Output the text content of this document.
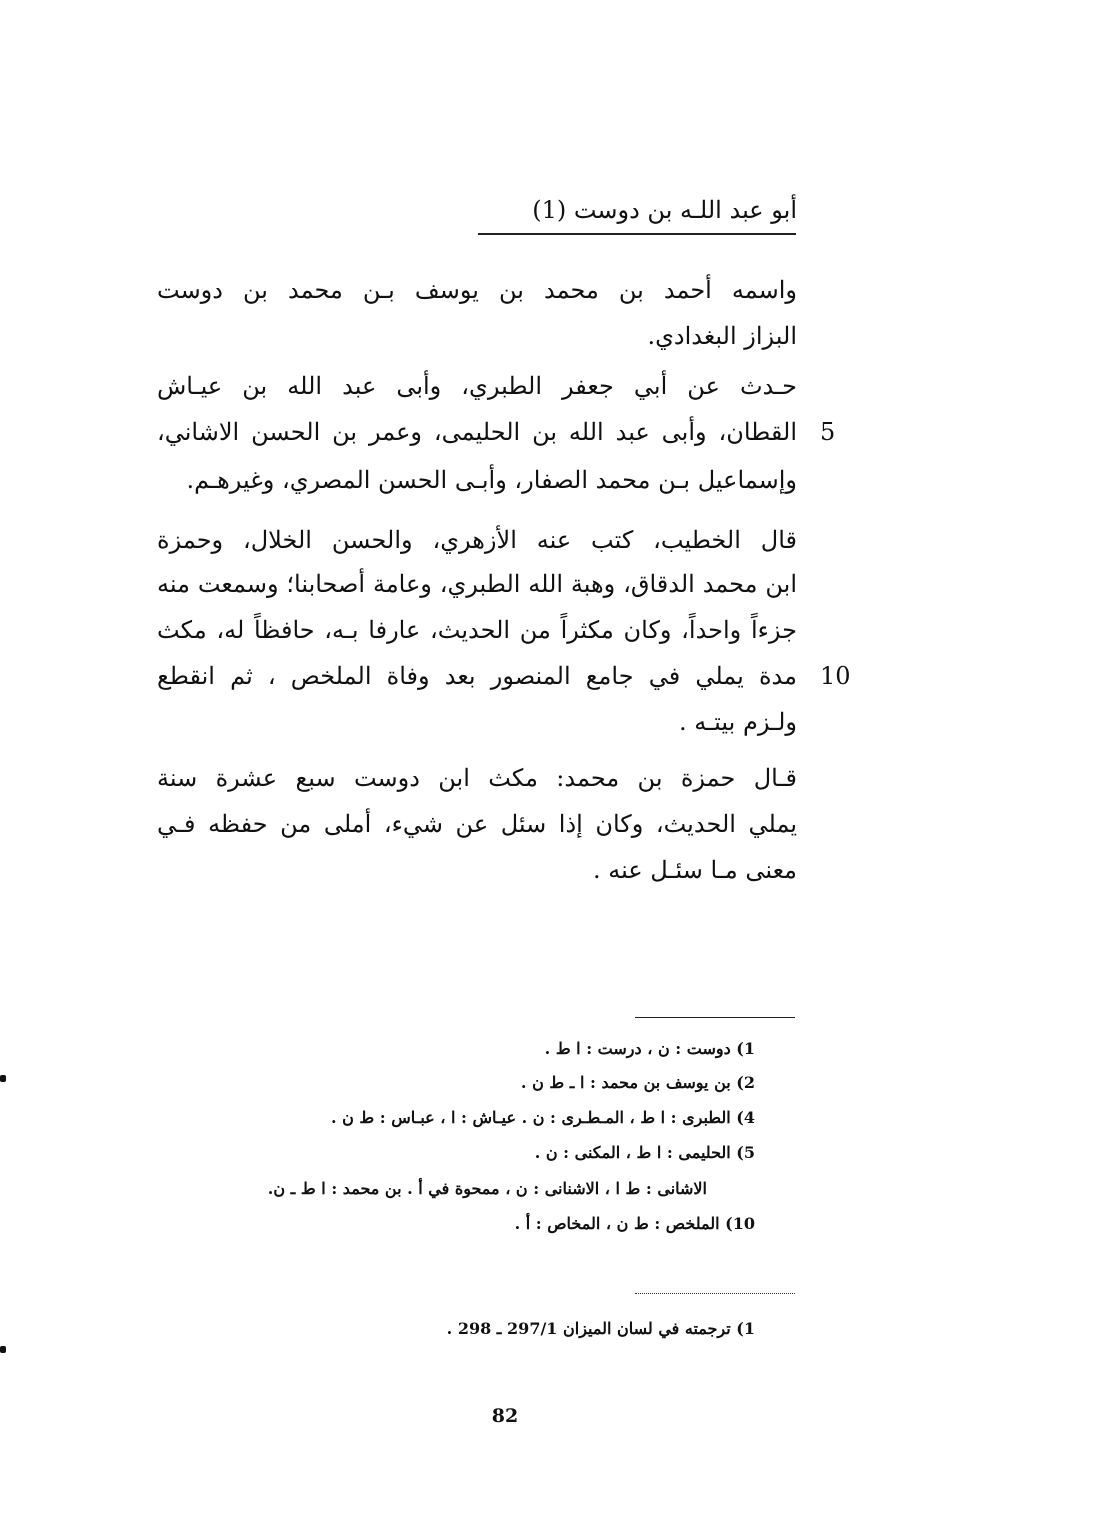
أبو عبد اللـه بن دوست (1)
واسمه أحمد بن محمد بن يوسف بـن محمد بن دوست
البزاز البغدادي.
حـدث عن أبي جعفر الطبري، وأبى عبد الله بن عيـاش
القطان، وأبى عبد الله بن الحليمى، وعمر بن الحسن الاشاني، 5
وإسماعيل بـن محمد الصفار، وأبـى الحسن المصري، وغيرهـم.
قال الخطيب، كتب عنه الأزهري، والحسن الخلال، وحمزة
ابن محمد الدقاق، وهبة الله الطبري، وعامة أصحابنا؛ وسمعت منه
جزءاً واحداً، وكان مكثراً من الحديث، عارفا بـه، حافظاً له، مكث
مدة يملي في جامع المنصور بعد وفاة الملخص ، ثم انقطع 10
ولـزم بيتـه .
قـال حمزة بن محمد: مكث ابن دوست سبع عشرة سنة
يملي الحديث، وكان إذا سئل عن شيء، أملى من حفظه فـي
معنى مـا سئـل عنه .
1) دوست : ن ، درست : ا ط .
2) بن يوسف بن محمد : ا ـ ط ن .
4) الطبرى : ا ط ، المـطـرى : ن . عيـاش : ا ، عبـاس : ط ن .
5) الحليمى : ا ط ، المكنى : ن .
الاشانى : ط ا ، الاشنانى : ن ، ممحوة في أ . بن محمد : ا ط ـ ن.
10) الملخص : ط ن ، المخاص : أ .
1) ترجمته في لسان الميزان 297/1 ـ 298 .
82
